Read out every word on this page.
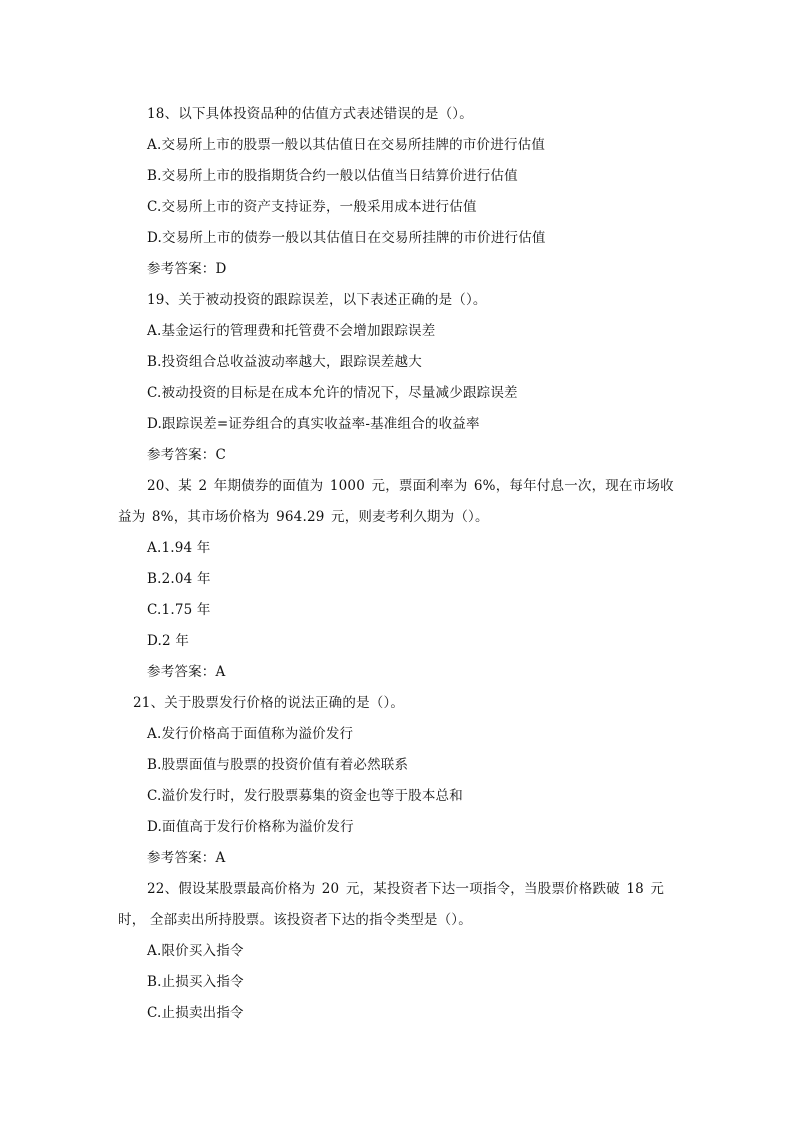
18、以下具体投资品种的估值方式表述错误的是（）。
A.交易所上市的股票一般以其估值日在交易所挂牌的市价进行估值
B.交易所上市的股指期货合约一般以估值当日结算价进行估值
C.交易所上市的资产支持证券，一般采用成本进行估值
D.交易所上市的债券一般以其估值日在交易所挂牌的市价进行估值
参考答案：D
19、关于被动投资的跟踪误差，以下表述正确的是（）。
A.基金运行的管理费和托管费不会增加跟踪误差
B.投资组合总收益波动率越大，跟踪误差越大
C.被动投资的目标是在成本允许的情况下，尽量减少跟踪误差
D.跟踪误差=证券组合的真实收益率-基准组合的收益率
参考答案：C
20、某 2 年期债券的面值为 1000 元，票面利率为 6%，每年付息一次，现在市场收
益为 8%，其市场价格为 964.29 元，则麦考利久期为（）。
A.1.94 年
B.2.04 年
C.1.75 年
D.2 年
参考答案：A
21、关于股票发行价格的说法正确的是（）。
A.发行价格高于面值称为溢价发行
B.股票面值与股票的投资价值有着必然联系
C.溢价发行时，发行股票募集的资金也等于股本总和
D.面值高于发行价格称为溢价发行
参考答案：A
22、假设某股票最高价格为 20 元，某投资者下达一项指令，当股票价格跌破 18 元
时， 全部卖出所持股票。该投资者下达的指令类型是（）。
A.限价买入指令
B.止损买入指令
C.止损卖出指令
